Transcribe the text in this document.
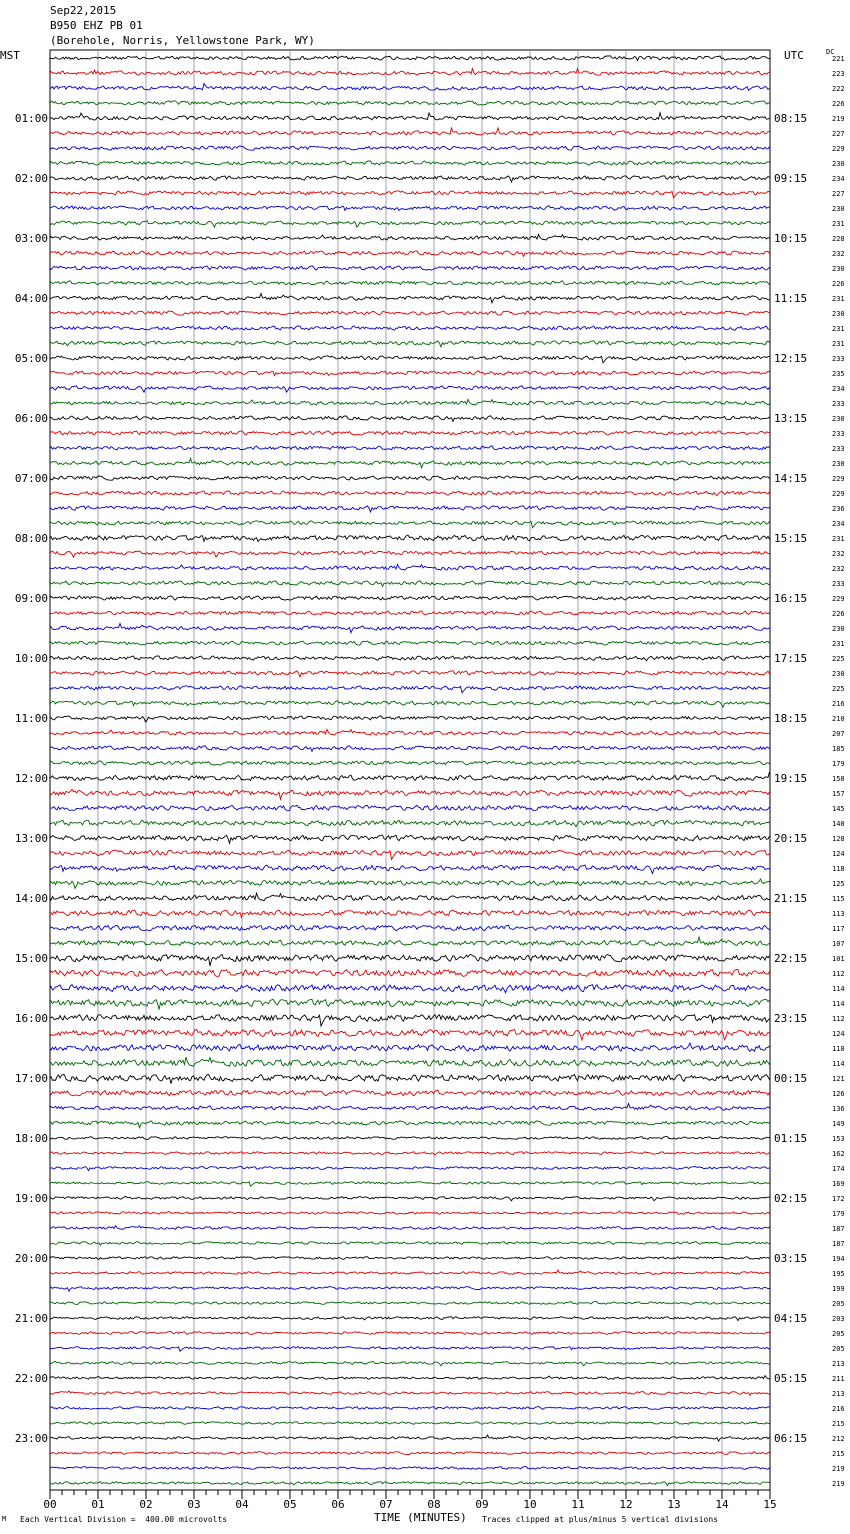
Sep22,2015
B950 EHZ PB 01
(Borehole, Norris, Yellowstone Park, WY)
MST	UTC	DC
221
223
222
226
219
227
229
230
234
227
230
231
228
232
230
226
231
230
231
231
233
235
234
233
230
233
233
230
229
229
236
234
231
232
232
233
229
226
230
231
225
230
225
216
210
207
185
179
158
157
145
140
128
124
118
125
115
113
117
107
101
112
114
114
112
124
118
114
121
126
136
149
153
162
174
169
172
179
187
187
194
195
199
205
203
205
205
213
211
213
216
215
212
215
219
219
01:00
02:00
03:00
04:00
05:00
06:00
07:00
08:00
09:00
10:00
11:00
12:00
13:00
14:00
15:00
16:00
17:00
18:00
19:00
20:00
21:00
22:00
23:00
08:15
09:15
10:15
11:15
12:15
13:15
14:15
15:15
16:15
17:15
18:15
19:15
20:15
21:15
22:15
23:15
00:15
01:15
02:15
03:15
04:15
05:15
06:15
00	01	02	03	04	05	06	07	08	09	10	11	12	13	14	15
M Each Vertical Division =  400.00 microvolts	TIME (MINUTES) Traces clipped at plus/minus 5 vertical divisions
